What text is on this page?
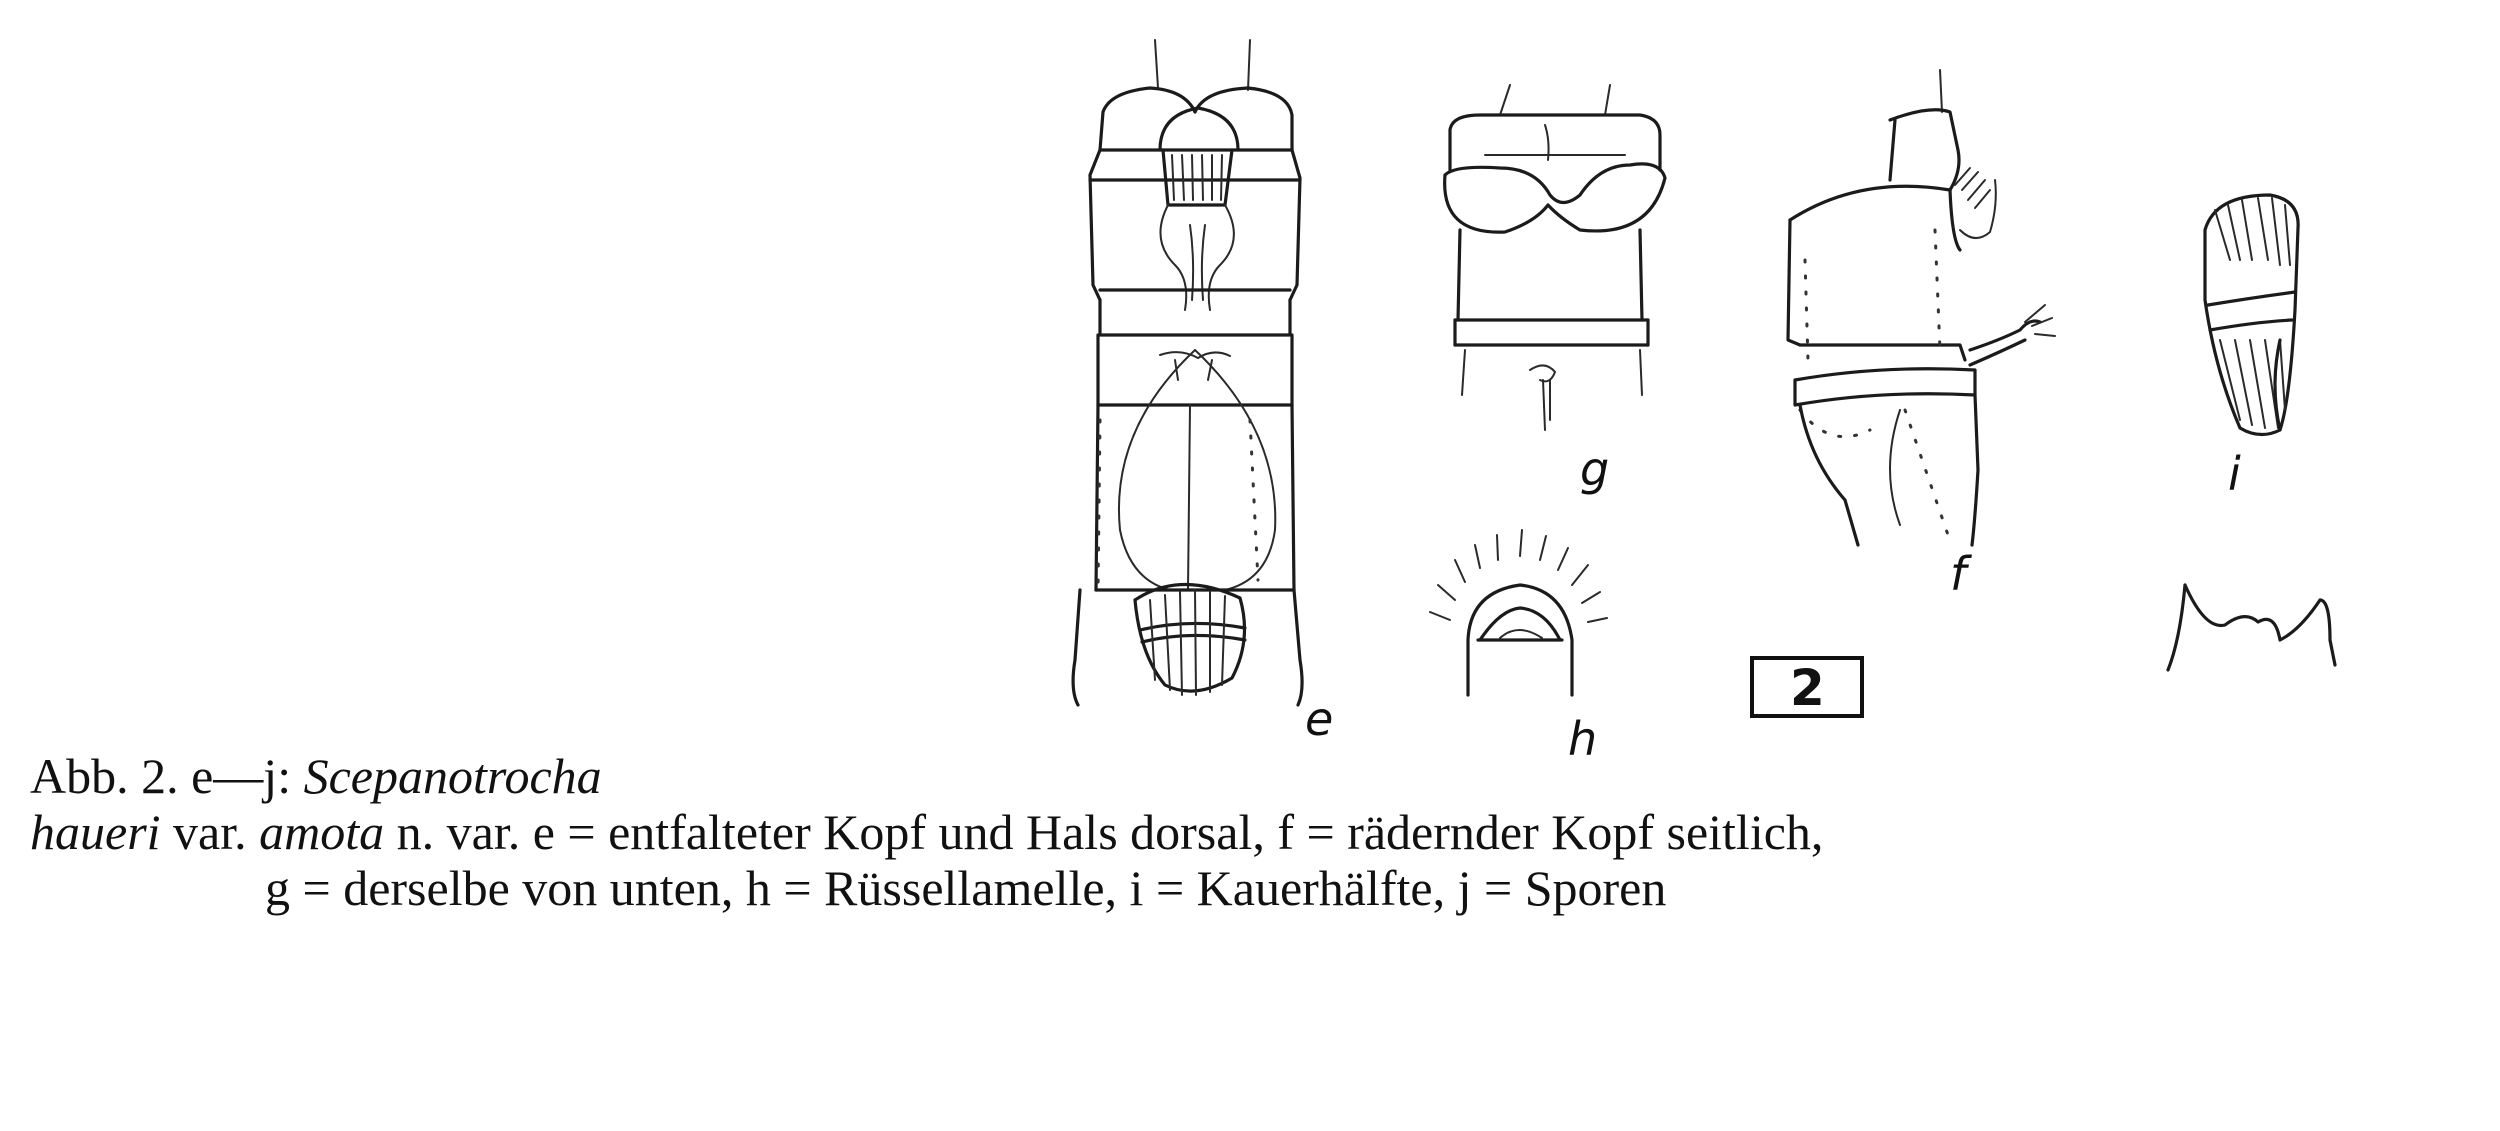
e
g
h
f
2
i
Abb. 2. e—j: Scepanotrocha
haueri var. amota n. var. e = entfalteter Kopf und Hals dorsal, f = rädernder Kopf seitlich,
g = derselbe von unten, h = Rüssellamelle, i = Kauerhälfte, j = Sporen
